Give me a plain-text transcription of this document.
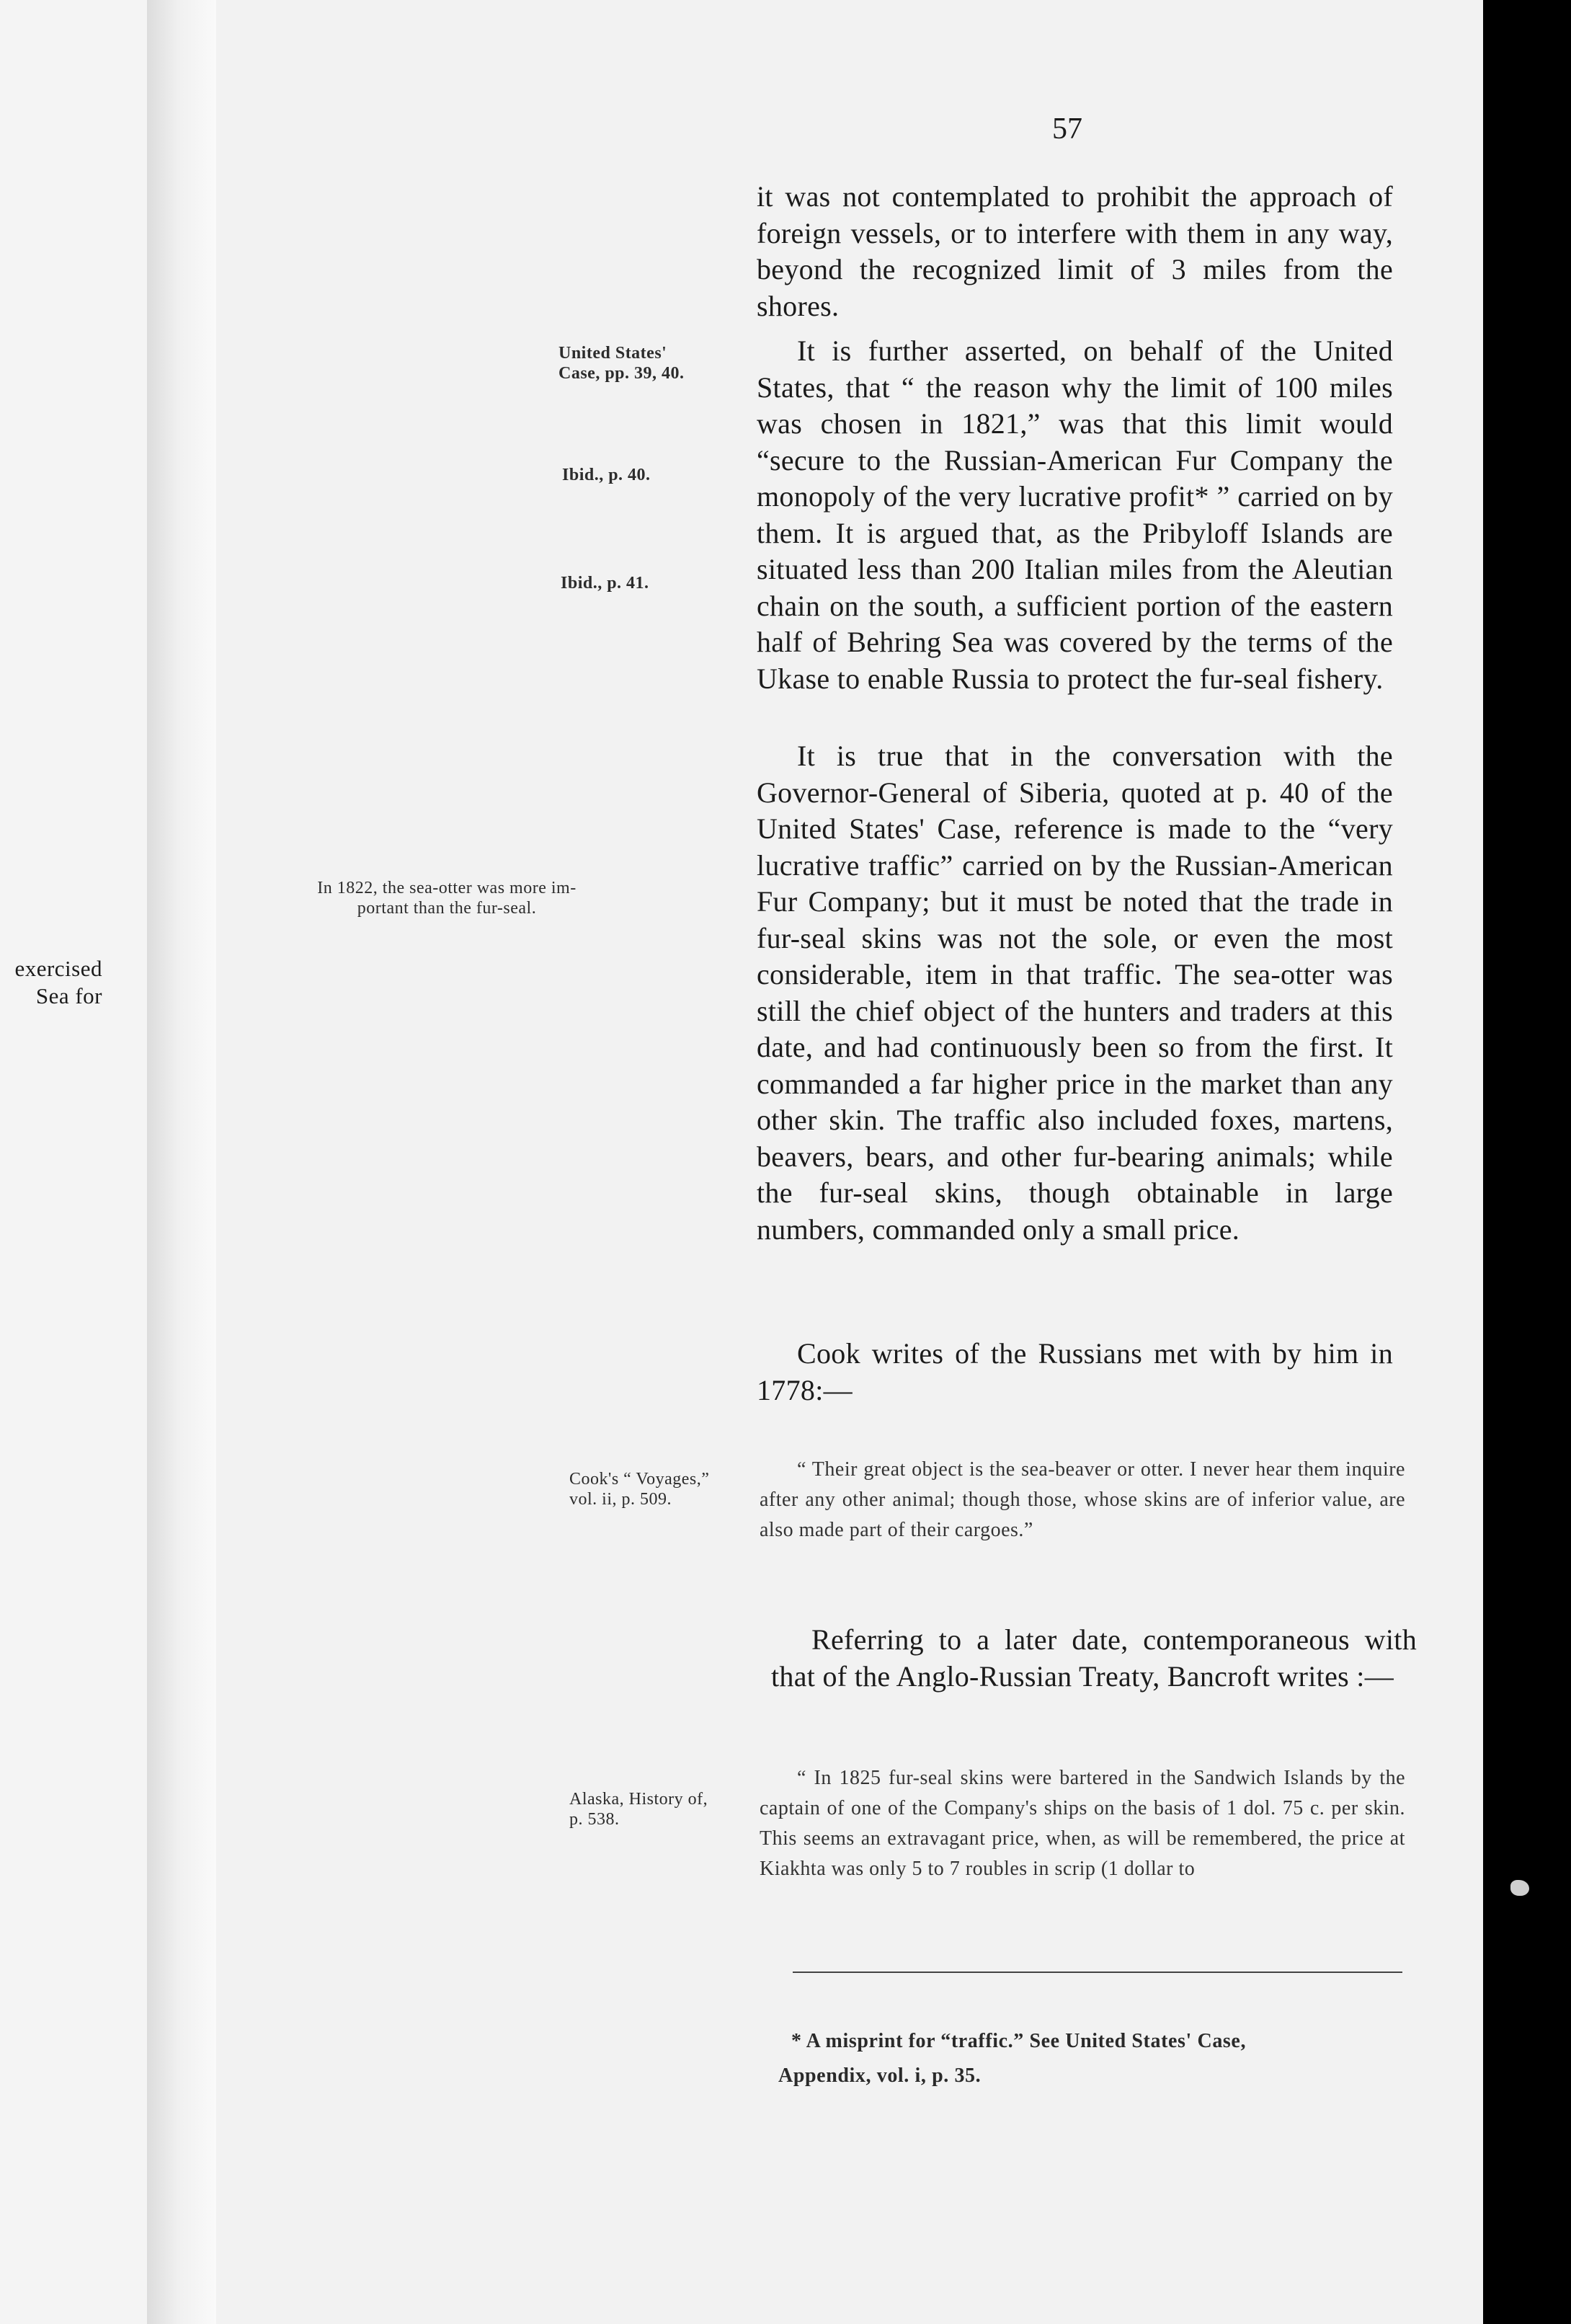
exercised
Sea for
57
United States'
Case, pp. 39, 40.
Ibid., p. 40.
Ibid., p. 41.
In 1822, the sea-otter was more im-
portant than the fur-seal.
Cook's “ Voyages,”
vol. ii, p. 509.
Alaska, History of,
p. 538.

it was not contemplated to prohibit the approach of foreign vessels, or to interfere with them in any way, beyond the recognized limit of 3 miles from the shores.

It is further asserted, on behalf of the United States, that “ the reason why the limit of 100 miles was chosen in 1821,” was that this limit would “secure to the Russian-American Fur Company the monopoly of the very lucrative profit* ” carried on by them. It is argued that, as the Pribyloff Islands are situated less than 200 Italian miles from the Aleutian chain on the south, a sufficient portion of the eastern half of Behring Sea was covered by the terms of the Ukase to enable Russia to protect the fur-seal fishery.

It is true that in the conversation with the Governor-General of Siberia, quoted at p. 40 of the United States' Case, reference is made to the “very lucrative traffic” carried on by the Russian-American Fur Company; but it must be noted that the trade in fur-seal skins was not the sole, or even the most considerable, item in that traffic. The sea-otter was still the chief object of the hunters and traders at this date, and had continuously been so from the first. It commanded a far higher price in the market than any other skin. The traffic also included foxes, martens, beavers, bears, and other fur-bearing animals; while the fur-seal skins, though obtainable in large numbers, commanded only a small price.

Cook writes of the Russians met with by him in 1778:—

“ Their great object is the sea-beaver or otter. I never hear them inquire after any other animal; though those, whose skins are of inferior value, are also made part of their cargoes.”

Referring to a later date, contemporaneous with that of the Anglo-Russian Treaty, Bancroft writes :—

“ In 1825 fur-seal skins were bartered in the Sandwich Islands by the captain of one of the Company's ships on the basis of 1 dol. 75 c. per skin. This seems an extravagant price, when, as will be remembered, the price at Kiakhta was only 5 to 7 roubles in scrip (1 dollar to

* A misprint for “traffic.” See United States' Case,
Appendix, vol. i, p. 35.
